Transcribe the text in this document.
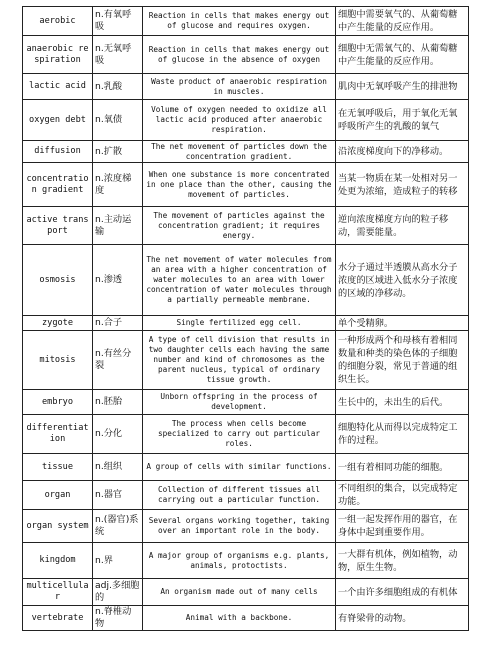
aerobic	n.有氧呼吸	Reaction in cells that makes energy out of glucose and requires oxygen.	细胞中需要氧气的、从葡萄糖中产生能量的反应作用。
anaerobic respiration	n.无氧呼吸	Reaction in cells that makes energy out of glucose in the absence of oxygen	细胞中无需氧气的、从葡萄糖中产生能量的反应作用。
lactic acid	n.乳酸	Waste product of anaerobic respiration in muscles.	肌肉中无氧呼吸产生的排泄物
oxygen debt	n.氧债	Volume of oxygen needed to oxidize all lactic acid produced after anaerobic respiration.	在无氧呼吸后，用于氧化无氧呼吸所产生的乳酸的氧气
diffusion	n.扩散	The net movement of particles down the concentration gradient.	沿浓度梯度向下的净移动。
concentration gradient	n.浓度梯度	When one substance is more concentrated in one place than the other, causing the movement of particles.	当某一物质在某一处相对另一处更为浓缩，造成粒子的转移
active transport	n.主动运输	The movement of particles against the concentration gradient; it requires energy.	逆向浓度梯度方向的粒子移动，需要能量。
osmosis	n.渗透	The net movement of water molecules from an area with a higher concentration of water molecules to an area with lower concentration of water molecules through a partially permeable membrane.	水分子通过半透膜从高水分子浓度的区域进入低水分子浓度的区域的净移动。
zygote	n.合子	Single fertilized egg cell.	单个受精卵。
mitosis	n.有丝分裂	A type of cell division that results in two daughter cells each having the same number and kind of chromosomes as the parent nucleus, typical of ordinary tissue growth.	一种形成两个和母核有着相同数量和种类的染色体的子细胞的细胞分裂，常见于普通的组织生长。
embryo	n.胚胎	Unborn offspring in the process of development.	生长中的，未出生的后代。
differentiation	n.分化	The process when cells become specialized to carry out particular roles.	细胞特化从而得以完成特定工作的过程。
tissue	n.组织	A group of cells with similar functions.	一组有着相同功能的细胞。
organ	n.器官	Collection of different tissues all carrying out a particular function.	不同组织的集合，以完成特定功能。
organ system	n.(器官)系统	Several organs working together, taking over an important role in the body.	一组一起发挥作用的器官，在身体中起到重要作用。
kingdom	n.界	A major group of organisms e.g. plants, animals, protoctists.	一大群有机体，例如植物，动物，原生生物。
multicellular	adj.多细胞的	An organism made out of many cells	一个由许多细胞组成的有机体
vertebrate	n.脊椎动物	Animal with a backbone.	有脊梁骨的动物。
